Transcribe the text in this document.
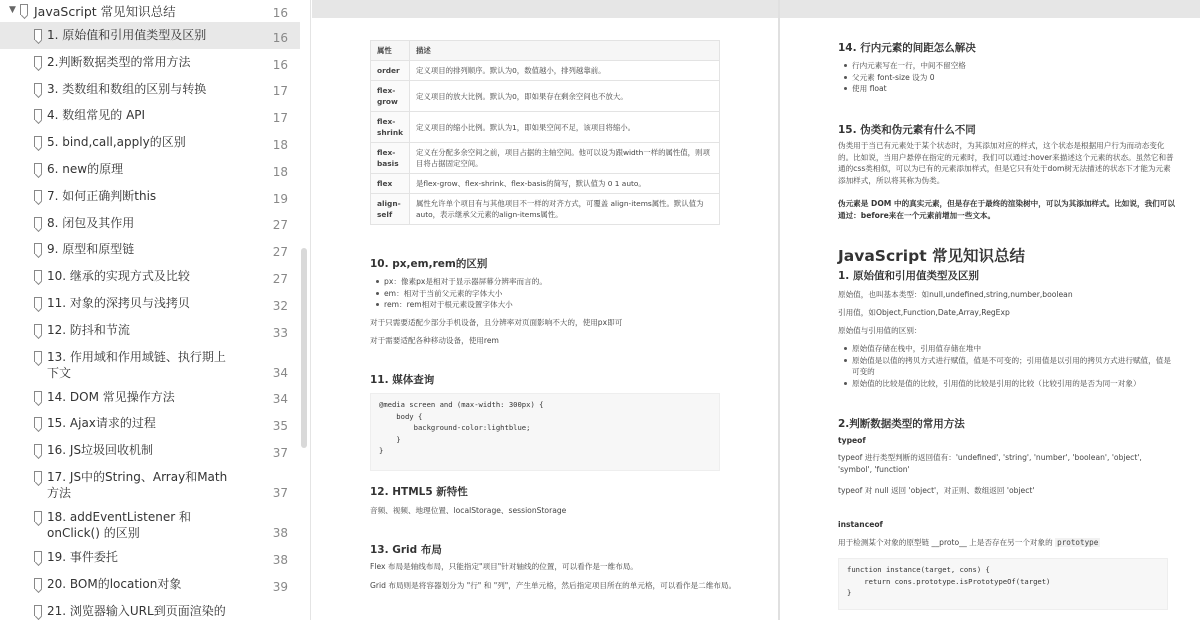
▼ JavaScript 常见知识总结	16
1. 原始值和引用值类型及区别	16
2.判断数据类型的常用方法	16
3. 类数组和数组的区别与转换	17
4. 数组常见的 API	17
5. bind,call,apply的区别	18
6. new的原理	18
7. 如何正确判断this	19
8. 闭包及其作用	27
9. 原型和原型链	27
10. 继承的实现方式及比较	27
11. 对象的深拷贝与浅拷贝	32
12. 防抖和节流	33
13. 作用域和作用域链、执行期上下文	34
14. DOM 常见操作方法	34
15. Ajax请求的过程	35
16. JS垃圾回收机制	37
17. JS中的String、Array和Math方法	37
18. addEventListener 和 onClick() 的区别	38
19. 事件委托	38
20. BOM的location对象	39
21. 浏览器输入URL到页面渲染的
属性	描述
order	定义项目的排列顺序。默认为0，数值越小，排列越靠前。
flex-grow	定义项目的放大比例。默认为0，即如果存在剩余空间也不放大。
flex-shrink	定义项目的缩小比例。默认为1，即如果空间不足，该项目将缩小。
flex-basis	定义在分配多余空间之前，项目占据的主轴空间。他可以设为跟width一样的属性值，则项目将占据固定空间。
flex	是flex-grow、flex-shrink、flex-basis的简写，默认值为 0 1 auto。
align-self	属性允许单个项目有与其他项目不一样的对齐方式，可覆盖 align-items属性。默认值为auto，表示继承父元素的align-items属性。
10. px,em,rem的区别
px：像素px是相对于显示器屏幕分辨率而言的。
em：相对于当前父元素的字体大小
rem：rem相对于根元素设置字体大小
对于只需要适配少部分手机设备，且分辨率对页面影响不大的，使用px即可
对于需要适配各种移动设备，使用rem
11. 媒体查询
@media screen and (max-width: 300px) {
body {
background-color:lightblue;
}
}
12. HTML5 新特性
音频、视频、地理位置、localStorage、sessionStorage
13. Grid 布局
Flex 布局是轴线布局，只能指定"项目"针对轴线的位置，可以看作是一维布局。
Grid 布局则是将容器划分为 "行" 和 "列"，产生单元格，然后指定项目所在的单元格，可以看作是二维布局。
14. 行内元素的间距怎么解决
行内元素写在一行，中间不留空格
父元素 font-size 设为 0
使用 float
15. 伪类和伪元素有什么不同
伪类用于当已有元素处于某个状态时，为其添加对应的样式，这个状态是根据用户行为而动态变化的。比如说，当用户悬停在指定的元素时，我们可以通过:hover来描述这个元素的状态。虽然它和普通的css类相似，可以为已有的元素添加样式，但是它只有处于dom树无法描述的状态下才能为元素添加样式，所以将其称为伪类。
伪元素是 DOM 中的真实元素，但是存在于最终的渲染树中，可以为其添加样式。比如说，我们可以通过：before来在一个元素前增加一些文本。
JavaScript 常见知识总结
1. 原始值和引用值类型及区别
原始值，也叫基本类型：如null,undefined,string,number,boolean
引用值，如Object,Function,Date,Array,RegExp
原始值与引用值的区别：
原始值存储在栈中，引用值存储在堆中
原始值是以值的拷贝方式进行赋值，值是不可变的；引用值是以引用的拷贝方式进行赋值，值是可变的
原始值的比较是值的比较，引用值的比较是引用的比较（比较引用的是否为同一对象）
2.判断数据类型的常用方法
typeof
typeof 进行类型判断的返回值有：'undefined', 'string', 'number', 'boolean', 'object', 'symbol', 'function'
typeof 对 null 返回 'object'，对正则、数组返回 'object'
instanceof
用于检测某个对象的原型链 __proto__ 上是否存在另一个对象的 prototype
function instance(target, cons) {
return cons.prototype.isPrototypeOf(target)
}
